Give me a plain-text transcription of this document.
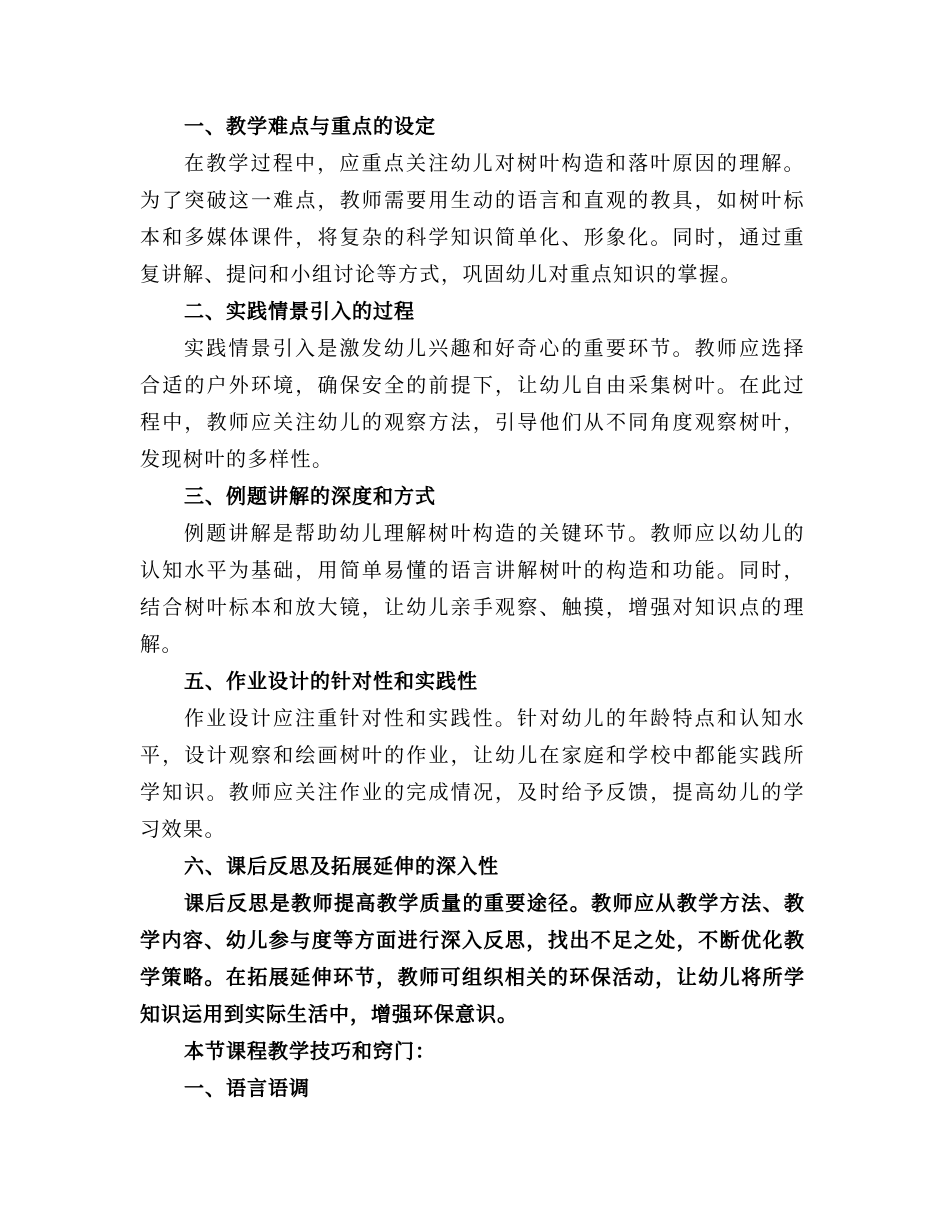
一、教学难点与重点的设定
在教学过程中，应重点关注幼儿对树叶构造和落叶原因的理解。为了突破这一难点，教师需要用生动的语言和直观的教具，如树叶标本和多媒体课件，将复杂的科学知识简单化、形象化。同时，通过重复讲解、提问和小组讨论等方式，巩固幼儿对重点知识的掌握。
二、实践情景引入的过程
实践情景引入是激发幼儿兴趣和好奇心的重要环节。教师应选择合适的户外环境，确保安全的前提下，让幼儿自由采集树叶。在此过程中，教师应关注幼儿的观察方法，引导他们从不同角度观察树叶，发现树叶的多样性。
三、例题讲解的深度和方式
例题讲解是帮助幼儿理解树叶构造的关键环节。教师应以幼儿的认知水平为基础，用简单易懂的语言讲解树叶的构造和功能。同时，结合树叶标本和放大镜，让幼儿亲手观察、触摸，增强对知识点的理解。
五、作业设计的针对性和实践性
作业设计应注重针对性和实践性。针对幼儿的年龄特点和认知水平，设计观察和绘画树叶的作业，让幼儿在家庭和学校中都能实践所学知识。教师应关注作业的完成情况，及时给予反馈，提高幼儿的学习效果。
六、课后反思及拓展延伸的深入性
课后反思是教师提高教学质量的重要途径。教师应从教学方法、教学内容、幼儿参与度等方面进行深入反思，找出不足之处，不断优化教学策略。在拓展延伸环节，教师可组织相关的环保活动，让幼儿将所学知识运用到实际生活中，增强环保意识。
本节课程教学技巧和窍门：
一、语言语调
